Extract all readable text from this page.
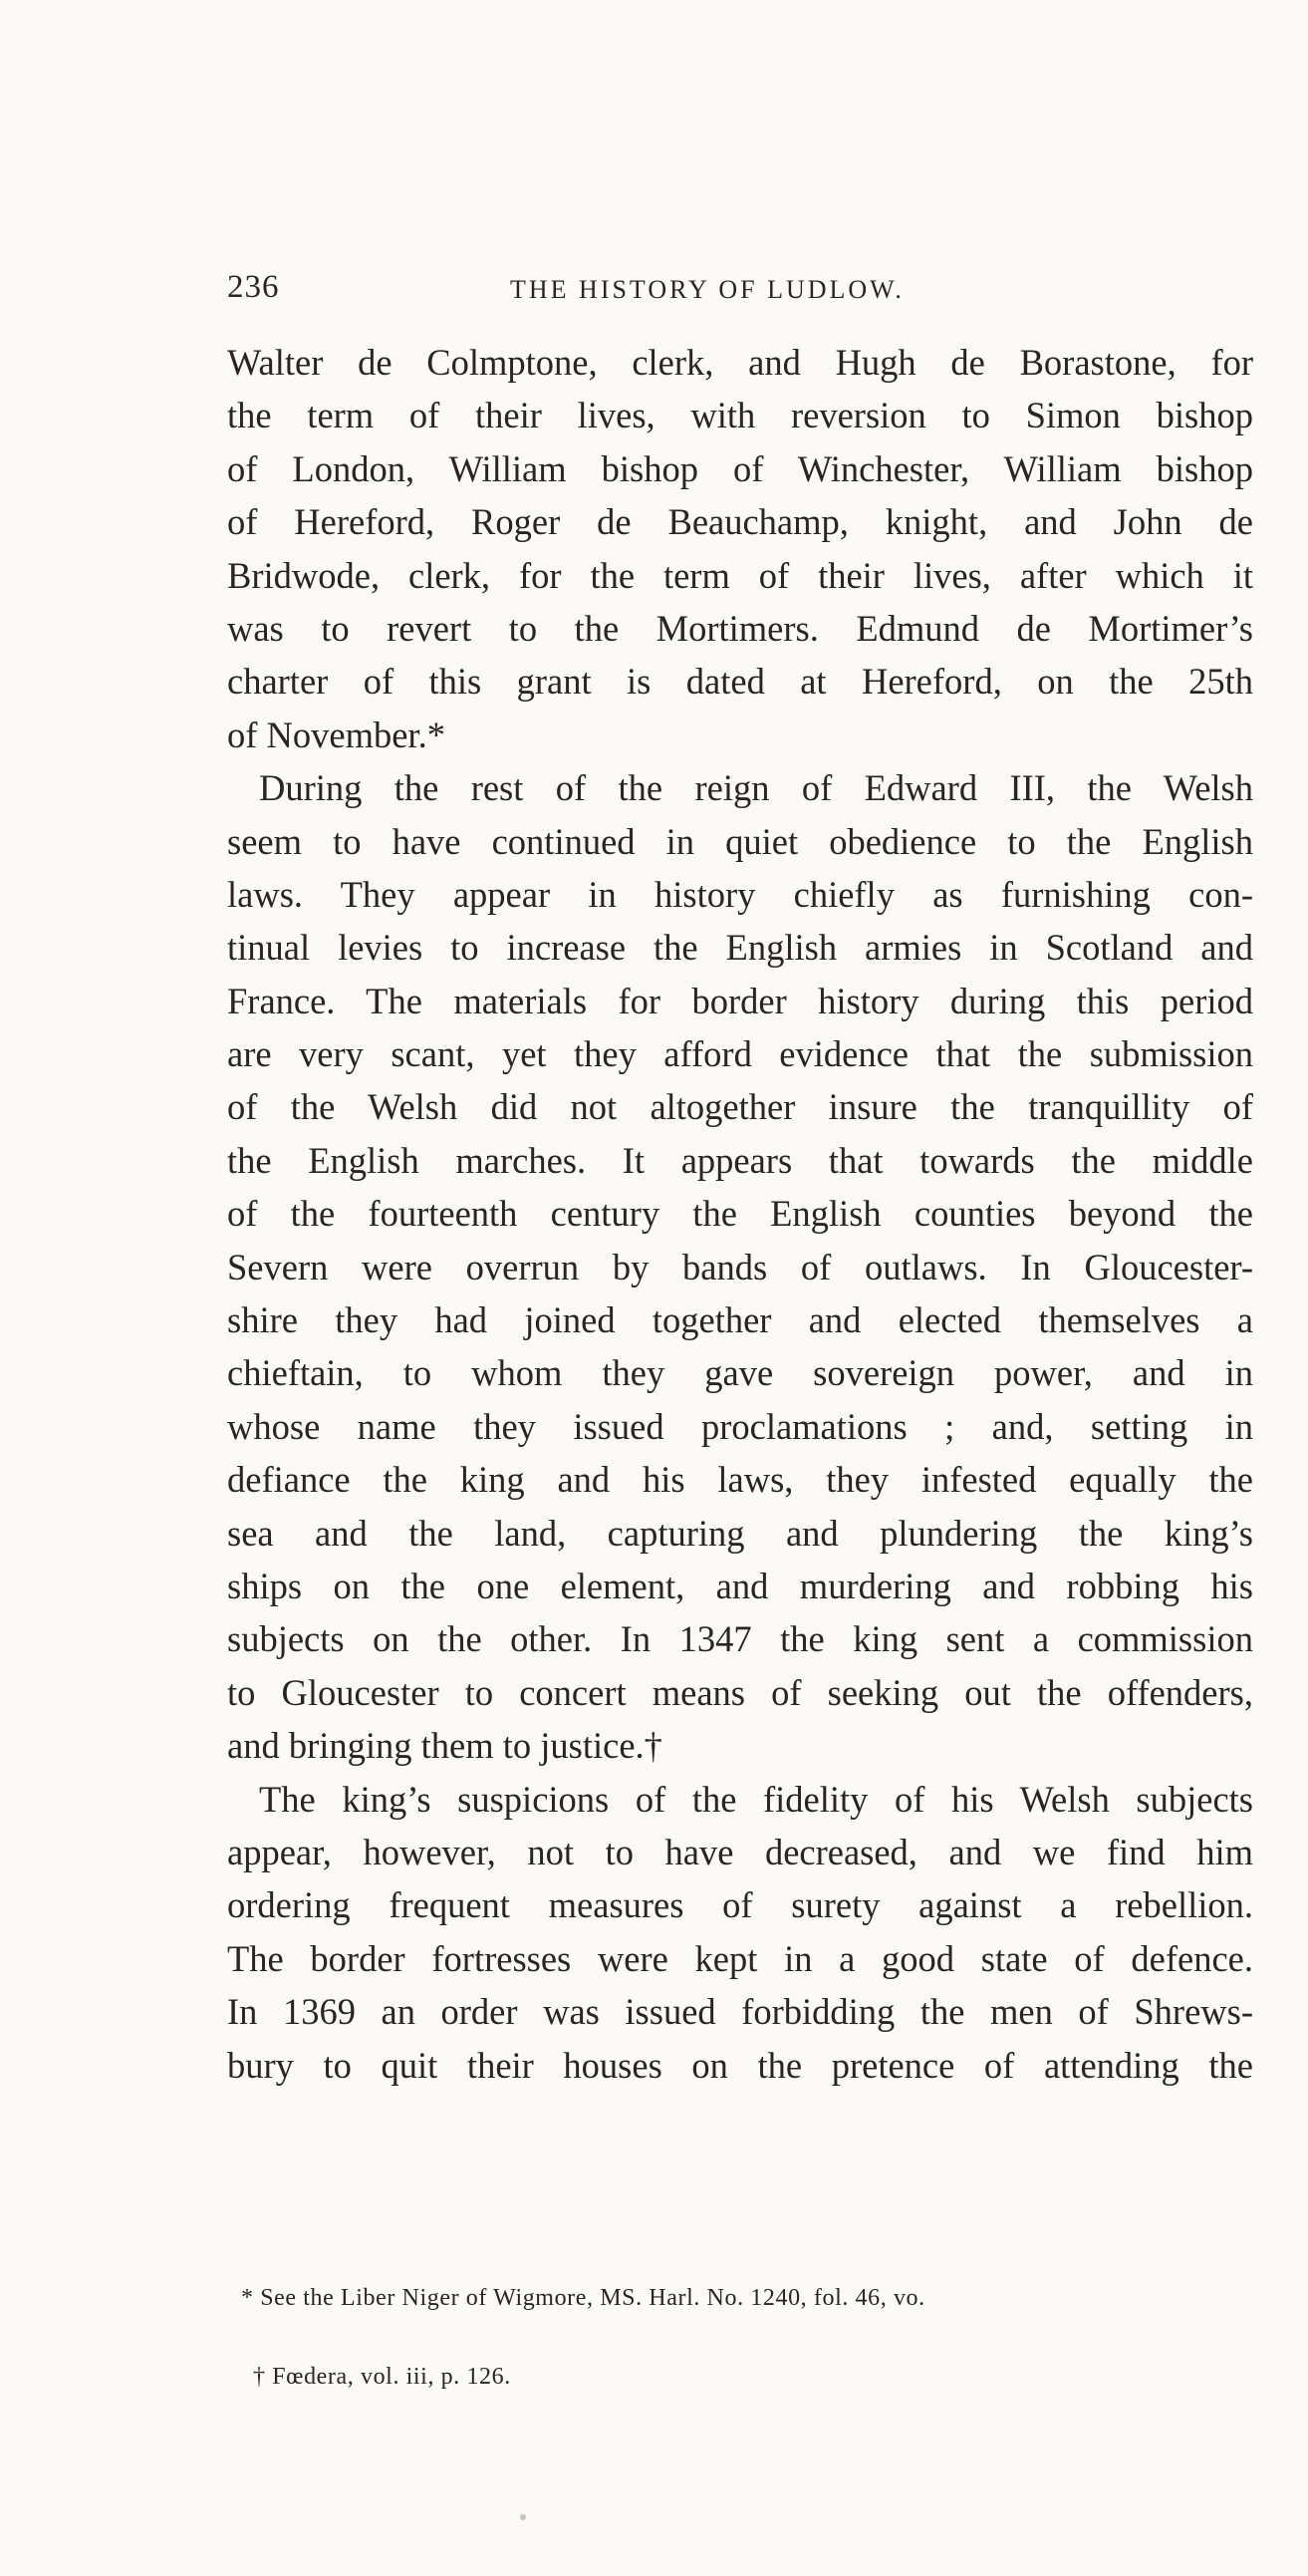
236	THE HISTORY OF LUDLOW.
Walter de Colmptone, clerk, and Hugh de Borastone, for
the term of their lives, with reversion to Simon bishop
of London, William bishop of Winchester, William bishop
of Hereford, Roger de Beauchamp, knight, and John de
Bridwode, clerk, for the term of their lives, after which it
was to revert to the Mortimers. Edmund de Mortimer’s
charter of this grant is dated at Hereford, on the 25th
of November.*
During the rest of the reign of Edward III, the Welsh
seem to have continued in quiet obedience to the English
laws. They appear in history chiefly as furnishing con-
tinual levies to increase the English armies in Scotland and
France. The materials for border history during this period
are very scant, yet they afford evidence that the submission
of the Welsh did not altogether insure the tranquillity of
the English marches. It appears that towards the middle
of the fourteenth century the English counties beyond the
Severn were overrun by bands of outlaws. In Gloucester-
shire they had joined together and elected themselves a
chieftain, to whom they gave sovereign power, and in
whose name they issued proclamations ; and, setting in
defiance the king and his laws, they infested equally the
sea and the land, capturing and plundering the king’s
ships on the one element, and murdering and robbing his
subjects on the other. In 1347 the king sent a commission
to Gloucester to concert means of seeking out the offenders,
and bringing them to justice.†
The king’s suspicions of the fidelity of his Welsh subjects
appear, however, not to have decreased, and we find him
ordering frequent measures of surety against a rebellion.
The border fortresses were kept in a good state of defence.
In 1369 an order was issued forbidding the men of Shrews-
bury to quit their houses on the pretence of attending the
* See the Liber Niger of Wigmore, MS. Harl. No. 1240, fol. 46, vo.
† Fœdera, vol. iii, p. 126.
